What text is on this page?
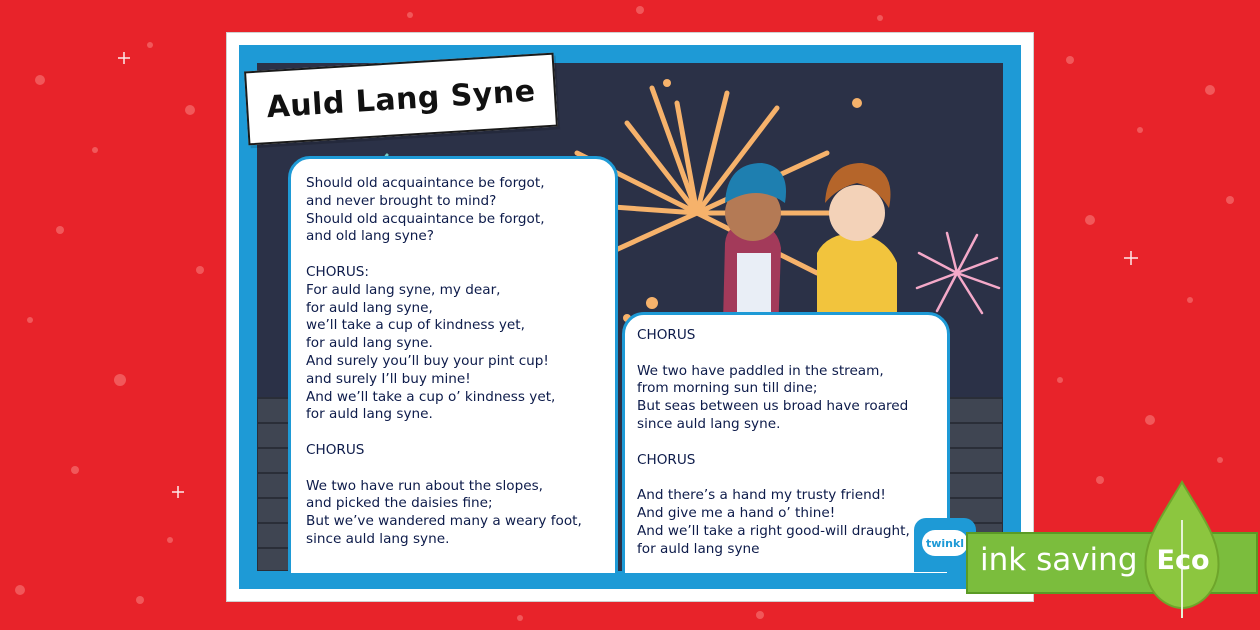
Auld Lang Syne
Should old acquaintance be forgot,
and never brought to mind?
Should old acquaintance be forgot,
and old lang syne?

CHORUS:
For auld lang syne, my dear,
for auld lang syne,
we’ll take a cup of kindness yet,
for auld lang syne.
And surely you’ll buy your pint cup!
and surely I’ll buy mine!
And we’ll take a cup o’ kindness yet,
for auld lang syne.

CHORUS

We two have run about the slopes,
and picked the daisies fine;
But we’ve wandered many a weary foot,
since auld lang syne.
CHORUS

We two have paddled in the stream,
from morning sun till dine;
But seas between us broad have roared
since auld lang syne.

CHORUS

And there’s a hand my trusty friend!
And give me a hand o’ thine!
And we’ll take a right good-will draught,
for auld lang syne	twinkl ink saving Eco
